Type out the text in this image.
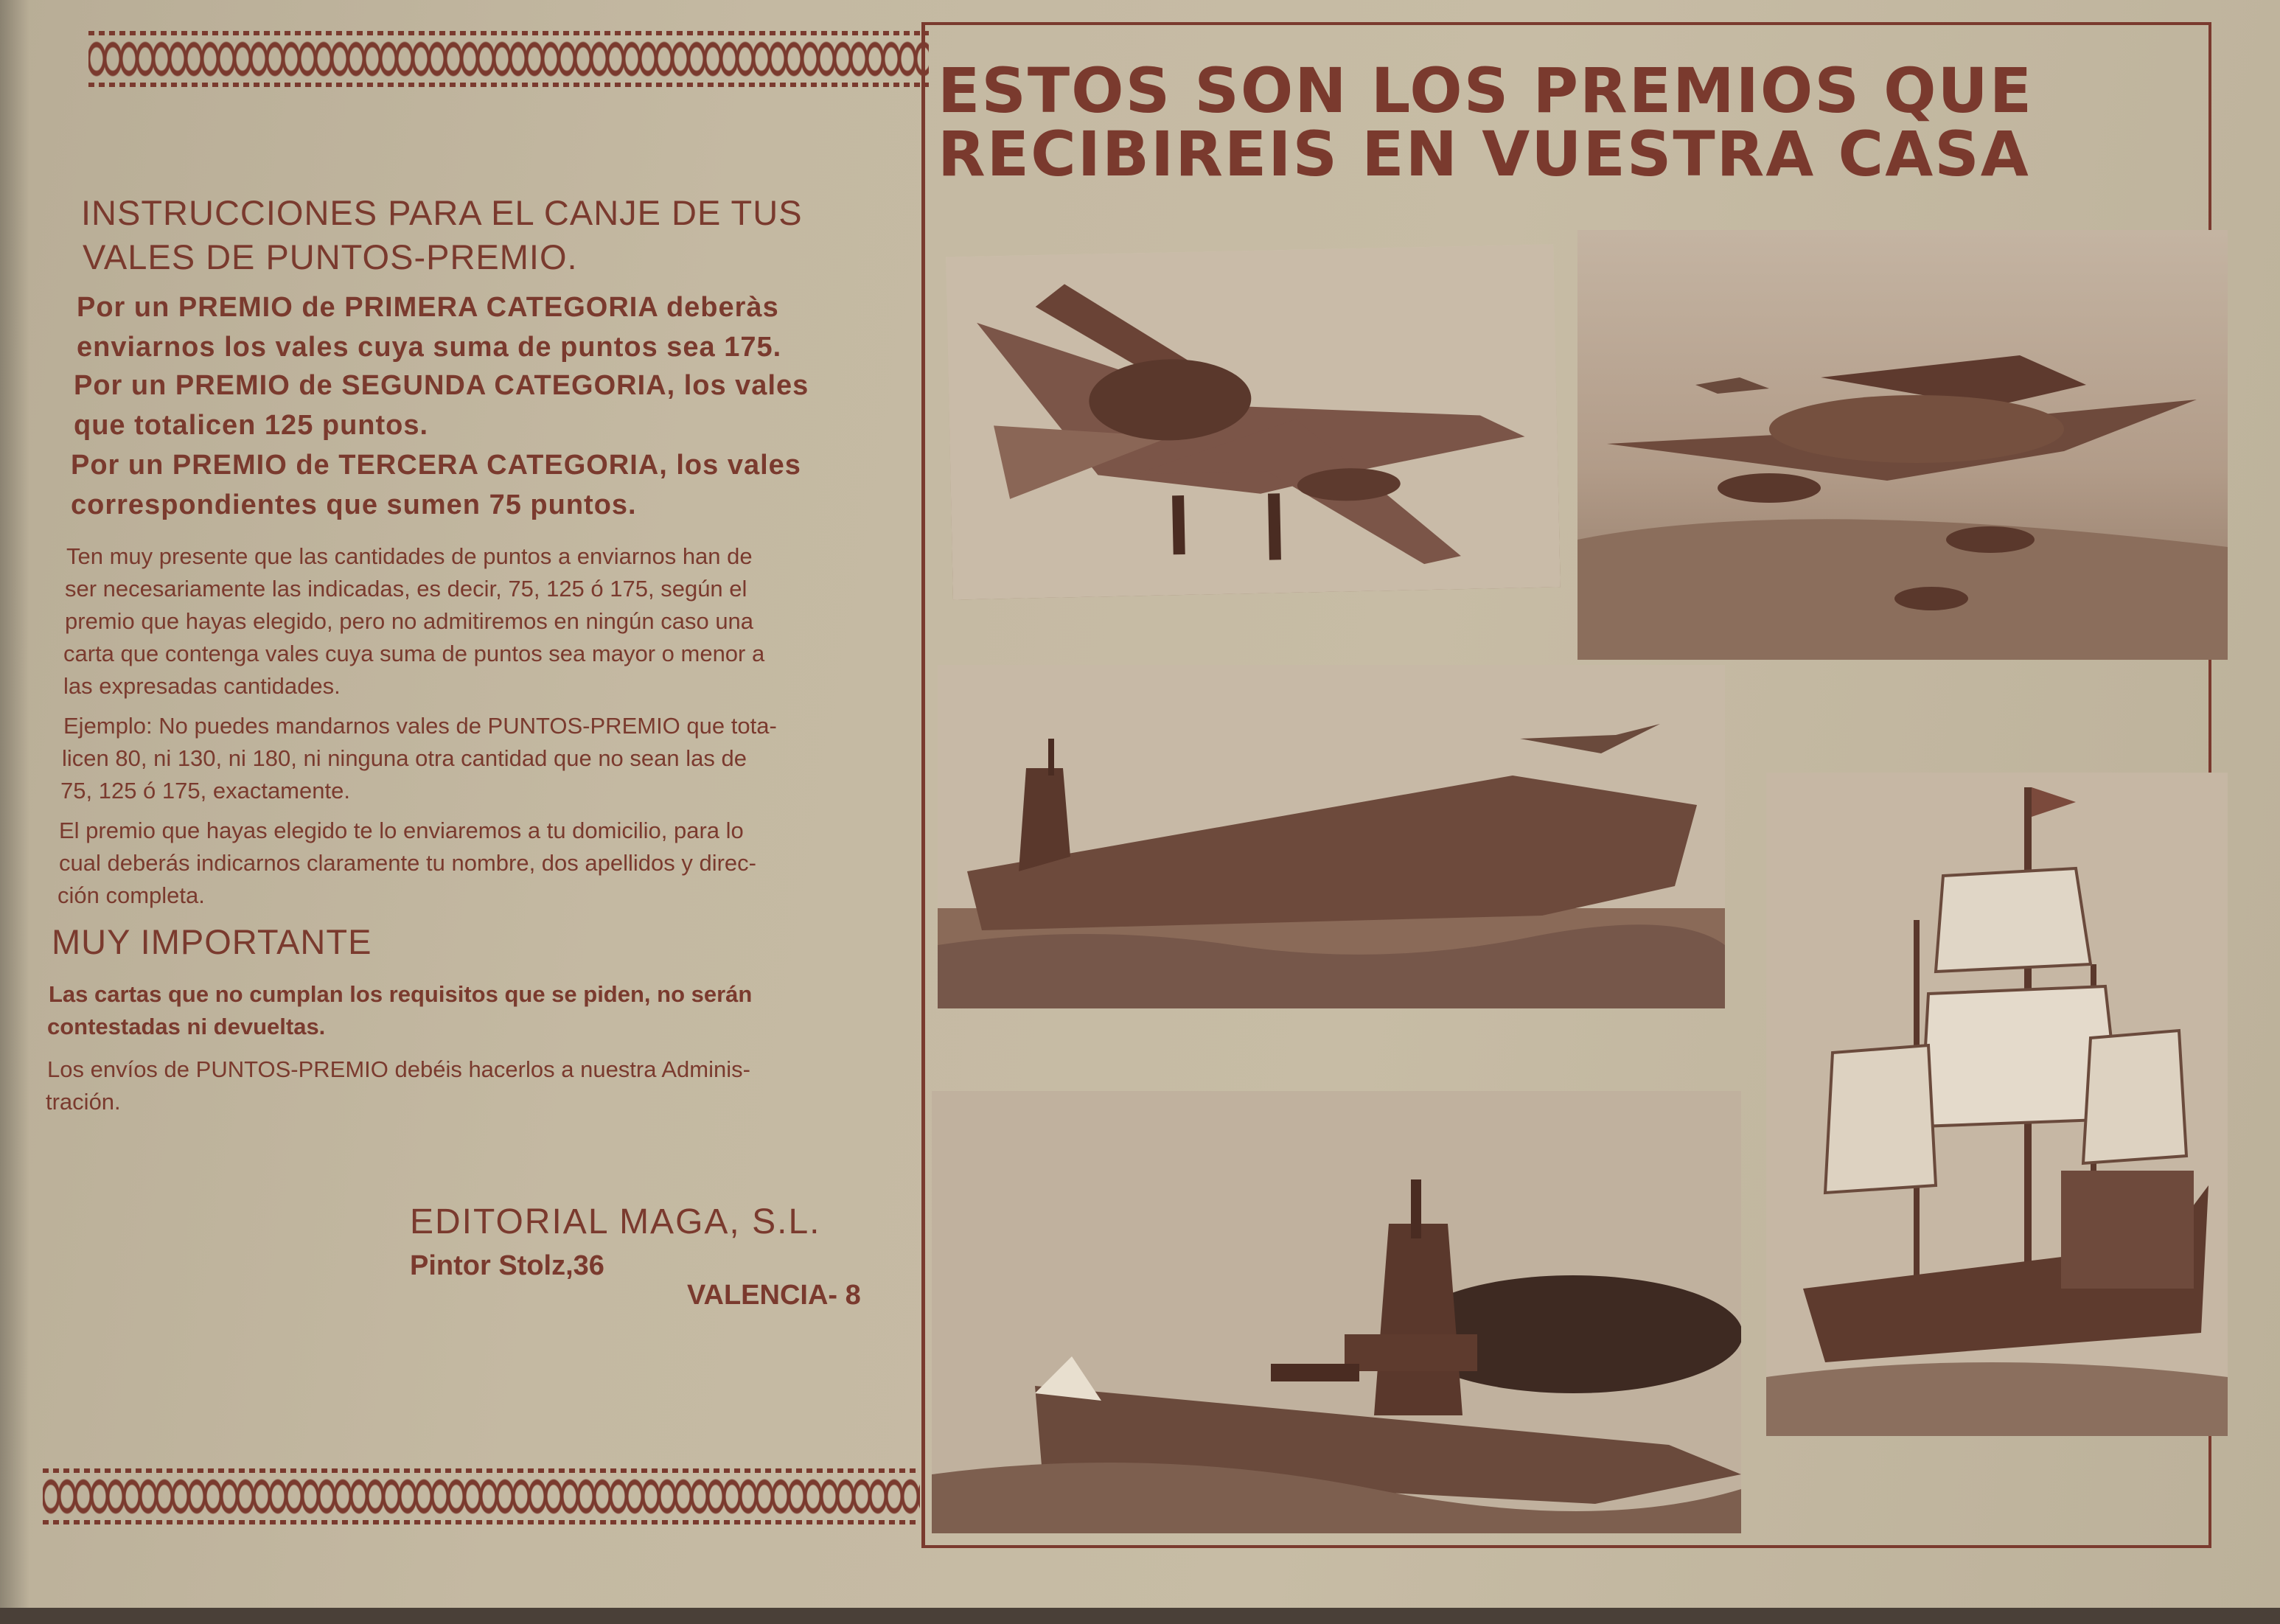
INSTRUCCIONES PARA EL CANJE DE TUS

VALES DE PUNTOS-PREMIO.

Por un PREMIO de PRIMERA CATEGORIA deberàs

enviarnos los vales cuya suma de puntos sea 175.

Por un PREMIO de SEGUNDA CATEGORIA, los vales

que totalicen 125 puntos.

Por un PREMIO de TERCERA CATEGORIA, los vales

correspondientes que sumen 75 puntos.

Ten muy presente que las cantidades de puntos a enviarnos han de

ser necesariamente las indicadas, es decir, 75, 125 ó 175, según el

premio que hayas elegido, pero no admitiremos en ningún caso una

carta que contenga vales cuya suma de puntos sea mayor o menor a

las expresadas cantidades.

Ejemplo: No puedes mandarnos vales de PUNTOS-PREMIO que tota-

licen 80, ni 130, ni 180, ni ninguna otra cantidad que no sean las de

75, 125 ó 175, exactamente.

El premio que hayas elegido te lo enviaremos a tu domicilio, para lo

cual deberás indicarnos claramente tu nombre, dos apellidos y direc-

ción completa.

MUY IMPORTANTE

Las cartas que no cumplan los requisitos que se piden, no serán

contestadas ni devueltas.

Los envíos de PUNTOS-PREMIO debéis hacerlos a nuestra Adminis-

tración.

EDITORIAL MAGA, S.L.

Pintor Stolz,36

VALENCIA- 8

ESTOS SON LOS PREMIOS QUE

RECIBIREIS EN VUESTRA CASA
